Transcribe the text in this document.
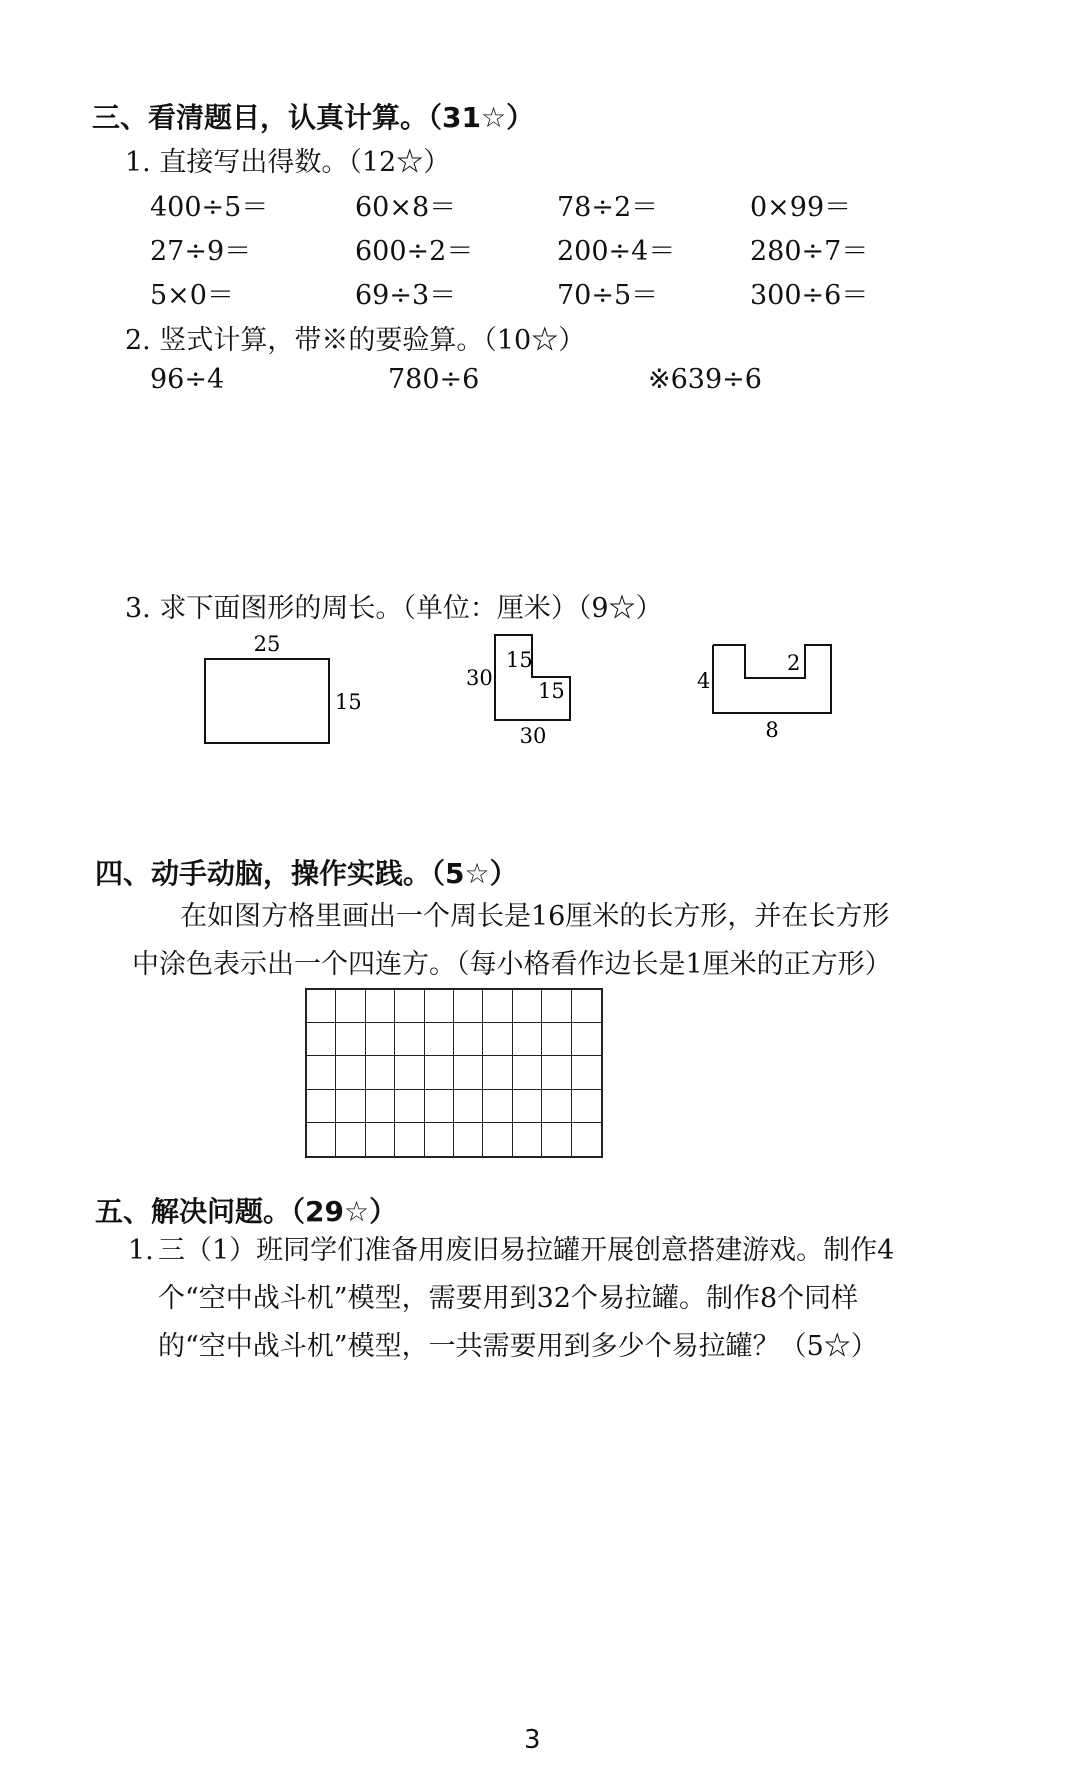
三、看清题目，认真计算。（31☆）
1. 直接写出得数。（12☆）
400÷5＝	60×8＝	78÷2＝	0×99＝
27÷9＝	600÷2＝	200÷4＝	280÷7＝
5×0＝	69÷3＝	70÷5＝	300÷6＝
2. 竖式计算，带※的要验算。（10☆）
96÷4	780÷6	※639÷6
3. 求下面图形的周长。（单位：厘米）（9☆）
25
15
30
15
15
30
4
2
8
四、动手动脑，操作实践。（5☆）
在如图方格里画出一个周长是16厘米的长方形，并在长方形中涂色表示出一个四连方。（每小格看作边长是1厘米的正方形）
五、解决问题。（29☆）
1. 三（1）班同学们准备用废旧易拉罐开展创意搭建游戏。制作4个“空中战斗机”模型，需要用到32个易拉罐。制作8个同样的“空中战斗机”模型，一共需要用到多少个易拉罐？（5☆）
3
